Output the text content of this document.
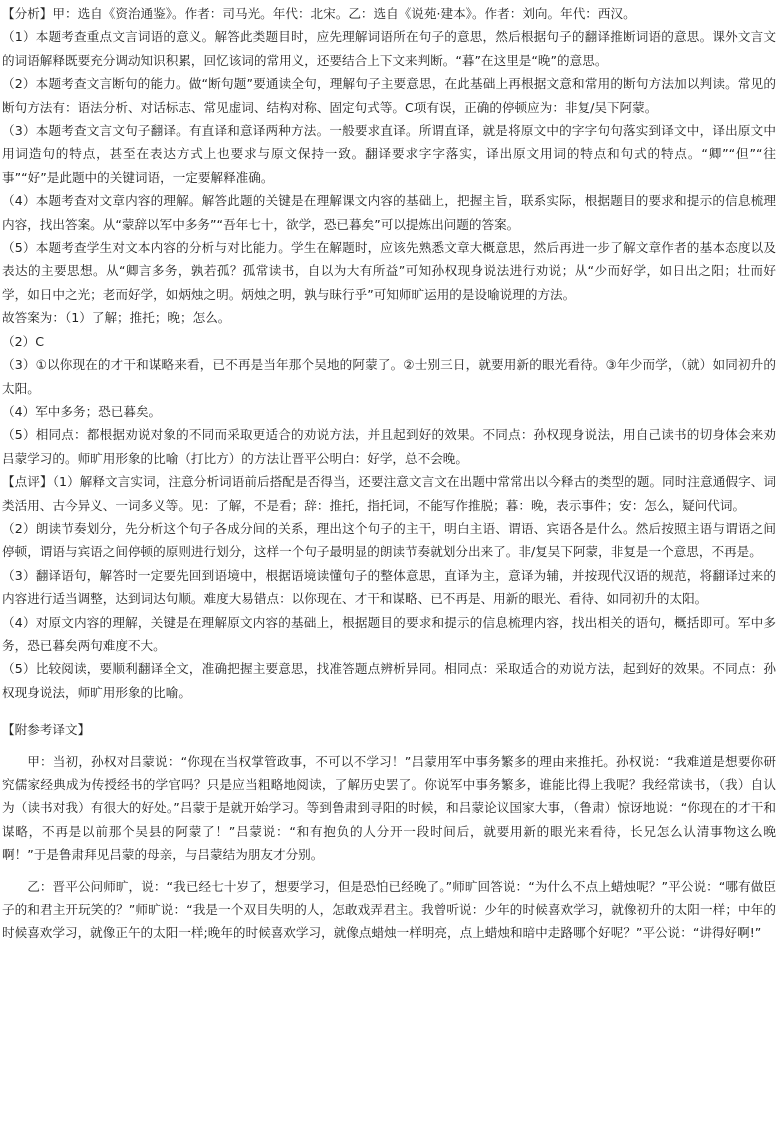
【分析】甲：选自《资治通鉴》。作者：司马光。年代：北宋。乙：选自《说苑·建本》。作者：刘向。年代：西汉。

（1）本题考查重点文言词语的意义。解答此类题目时，应先理解词语所在句子的意思，然后根据句子的翻译推断词语的意思。课外文言文的词语解释既要充分调动知识积累，回忆该词的常用义，还要结合上下文来判断。“暮”在这里是“晚”的意思。

（2）本题考查文言断句的能力。做“断句题”要通读全句，理解句子主要意思，在此基础上再根据文意和常用的断句方法加以判读。常见的断句方法有：语法分析、对话标志、常见虚词、结构对称、固定句式等。C项有误，正确的停顿应为：非复/吴下阿蒙。

（3）本题考查文言文句子翻译。有直译和意译两种方法。一般要求直译。所谓直译，就是将原文中的字字句句落实到译文中，译出原文中用词造句的特点，甚至在表达方式上也要求与原文保持一致。翻译要求字字落实，译出原文用词的特点和句式的特点。“卿”“但”“往事”“好”是此题中的关键词语，一定要解释准确。

（4）本题考查对文章内容的理解。解答此题的关键是在理解课文内容的基础上，把握主旨，联系实际，根据题目的要求和提示的信息梳理内容，找出答案。从“蒙辞以军中多务”“吾年七十，欲学，恐已暮矣”可以提炼出问题的答案。

（5）本题考查学生对文本内容的分析与对比能力。学生在解题时，应该先熟悉文章大概意思，然后再进一步了解文章作者的基本态度以及表达的主要思想。从“卿言多务，孰若孤？孤常读书，自以为大有所益”可知孙权现身说法进行劝说；从“少而好学，如日出之阳；壮而好学，如日中之光；老而好学，如炳烛之明。炳烛之明，孰与昧行乎”可知师旷运用的是设喻说理的方法。

故答案为：（1）了解；推托；晚；怎么。

（2）C

（3）①以你现在的才干和谋略来看，已不再是当年那个吴地的阿蒙了。②士别三日，就要用新的眼光看待。③年少而学，（就）如同初升的太阳。

（4）军中多务；恐已暮矣。

（5）相同点：都根据劝说对象的不同而采取更适合的劝说方法，并且起到好的效果。不同点：孙权现身说法，用自己读书的切身体会来劝吕蒙学习的。师旷用形象的比喻（打比方）的方法让晋平公明白：好学，总不会晚。

【点评】（1）解释文言实词，注意分析词语前后搭配是否得当，还要注意文言文在出题中常常出以今释古的类型的题。同时注意通假字、词类活用、古今异义、一词多义等。见：了解，不是看；辞：推托，指托词，不能写作推脱；暮：晚，表示事件；安：怎么，疑问代词。

（2）朗读节奏划分，先分析这个句子各成分间的关系，理出这个句子的主干，明白主语、谓语、宾语各是什么。然后按照主语与谓语之间停顿，谓语与宾语之间停顿的原则进行划分，这样一个句子最明显的朗读节奏就划分出来了。非/复吴下阿蒙，非复是一个意思，不再是。

（3）翻译语句，解答时一定要先回到语境中，根据语境读懂句子的整体意思，直译为主，意译为辅，并按现代汉语的规范，将翻译过来的内容进行适当调整，达到词达句顺。难度大易错点：以你现在、才干和谋略、已不再是、用新的眼光、看待、如同初升的太阳。

（4）对原文内容的理解，关键是在理解原文内容的基础上，根据题目的要求和提示的信息梳理内容，找出相关的语句，概括即可。军中多务，恐已暮矣两句难度不大。

（5）比较阅读，要顺利翻译全文，准确把握主要意思，找准答题点辨析异同。相同点：采取适合的劝说方法，起到好的效果。不同点：孙权现身说法，师旷用形象的比喻。

【附参考译文】

甲：当初，孙权对吕蒙说：“你现在当权掌管政事，不可以不学习！”吕蒙用军中事务繁多的理由来推托。孙权说：“我难道是想要你研究儒家经典成为传授经书的学官吗？只是应当粗略地阅读，了解历史罢了。你说军中事务繁多，谁能比得上我呢？我经常读书，（我）自认为（读书对我）有很大的好处。”吕蒙于是就开始学习。等到鲁肃到寻阳的时候，和吕蒙论议国家大事，（鲁肃）惊讶地说：“你现在的才干和谋略，不再是以前那个吴县的阿蒙了！”吕蒙说：“和有抱负的人分开一段时间后，就要用新的眼光来看待，长兄怎么认清事物这么晚啊！”于是鲁肃拜见吕蒙的母亲，与吕蒙结为朋友才分别。

乙：晋平公问师旷，说：“我已经七十岁了，想要学习，但是恐怕已经晚了。”师旷回答说：“为什么不点上蜡烛呢？”平公说：“哪有做臣子的和君主开玩笑的？”师旷说：“我是一个双目失明的人，怎敢戏弄君主。我曾听说：少年的时候喜欢学习，就像初升的太阳一样；中年的时候喜欢学习，就像正午的太阳一样;晚年的时候喜欢学习，就像点蜡烛一样明亮，点上蜡烛和暗中走路哪个好呢？”平公说：“讲得好啊!”
